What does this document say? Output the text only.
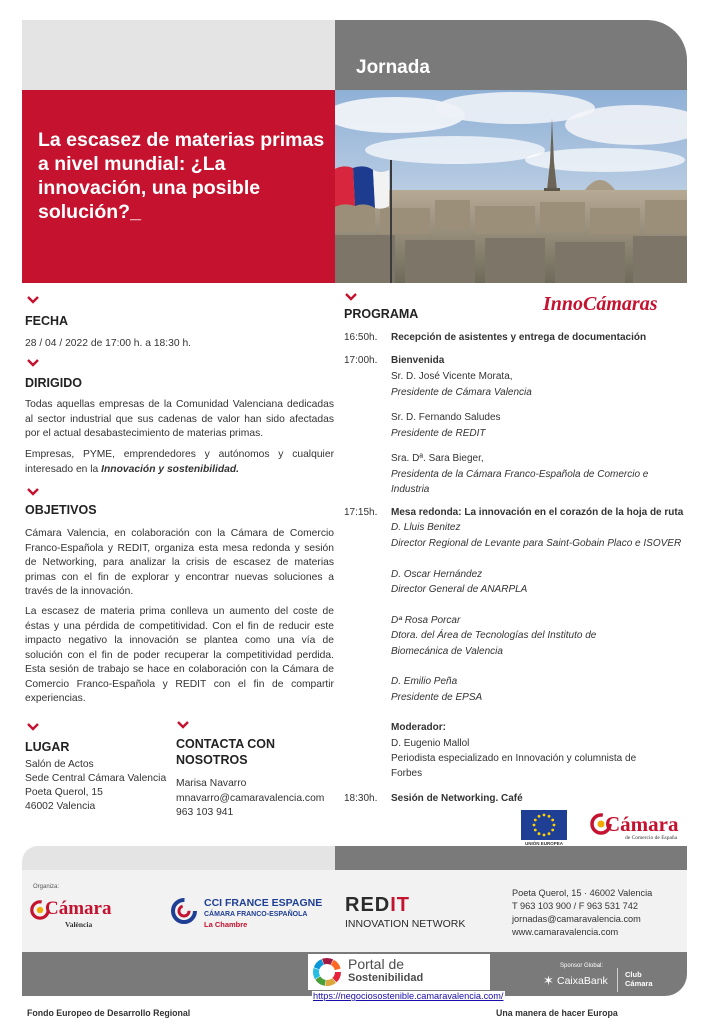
Jornada
La escasez de materias primas a nivel mundial: ¿La innovación, una posible solución?_
FECHA
28 / 04 / 2022 de 17:00 h. a 18:30 h.
DIRIGIDO
Todas aquellas empresas de la Comunidad Valenciana dedicadas al sector industrial que sus cadenas de valor han sido afectadas por el actual desabastecimiento de materias primas.
Empresas, PYME, emprendedores y autónomos y cualquier interesado en la Innovación y sostenibilidad.
OBJETIVOS
Cámara Valencia, en colaboración con la Cámara de Comercio Franco-Española y REDIT, organiza esta mesa redonda y sesión de Networking, para analizar la crisis de escasez de materias primas con el fin de explorar y encontrar nuevas soluciones a través de la innovación.
La escasez de materia prima conlleva un aumento del coste de éstas y una pérdida de competitividad. Con el fin de reducir este impacto negativo la innovación se plantea como una vía de solución con el fin de poder recuperar la competitividad perdida. Esta sesión de trabajo se hace en colaboración con la Cámara de Comercio Franco-Española y REDIT con el fin de compartir experiencias.
LUGAR
Salón de Actos
Sede Central Cámara Valencia
Poeta Querol, 15
46002 Valencia
CONTACTA CON
NOSOTROS
Marisa Navarro
mnavarro@camaravalencia.com
963 103 941
PROGRAMA	InnoCámaras
16:50h.	Recepción de asistentes y entrega de documentación
17:00h.	Bienvenida
Sr. D. José Vicente Morata,
Presidente de Cámara Valencia
Sr. D. Fernando Saludes
Presidente de REDIT
Sra. Dª. Sara Bieger,
Presidenta de la Cámara Franco-Española de Comercio e
Industria
17:15h.	Mesa redonda: La innovación en el corazón de la hoja de ruta
D. Lluis Benitez
Director Regional de Levante para Saint-Gobain Placo e ISOVER
D. Oscar Hernández
Director General de ANARPLA
Dª Rosa Porcar
Dtora. del Área de Tecnologías del Instituto de
Biomecánica de Valencia
D. Emilio Peña
Presidente de EPSA
Moderador:
D. Eugenio Mallol
Periodista especializado en Innovación y columnista de
Forbes
18:30h.	Sesión de Networking. Café
UNIÓN EUROPEA
Cámara
de Comercio de España
Organiza:
Cámara
València
CCI FRANCE ESPAGNE
CÁMARA FRANCO-ESPAÑOLA
La Chambre
REDIT
INNOVATION NETWORK
Poeta Querol, 15 · 46002 Valencia
T 963 103 900 / F 963 531 742
jornadas@camaravalencia.com
www.camaravalencia.com
Portal de
Sostenibilidad
https://negociosostenible.camaravalencia.com/
Sponsor Global:
✶ CaixaBank
Club
Cámara
Fondo Europeo de Desarrollo Regional	Una manera de hacer Europa
